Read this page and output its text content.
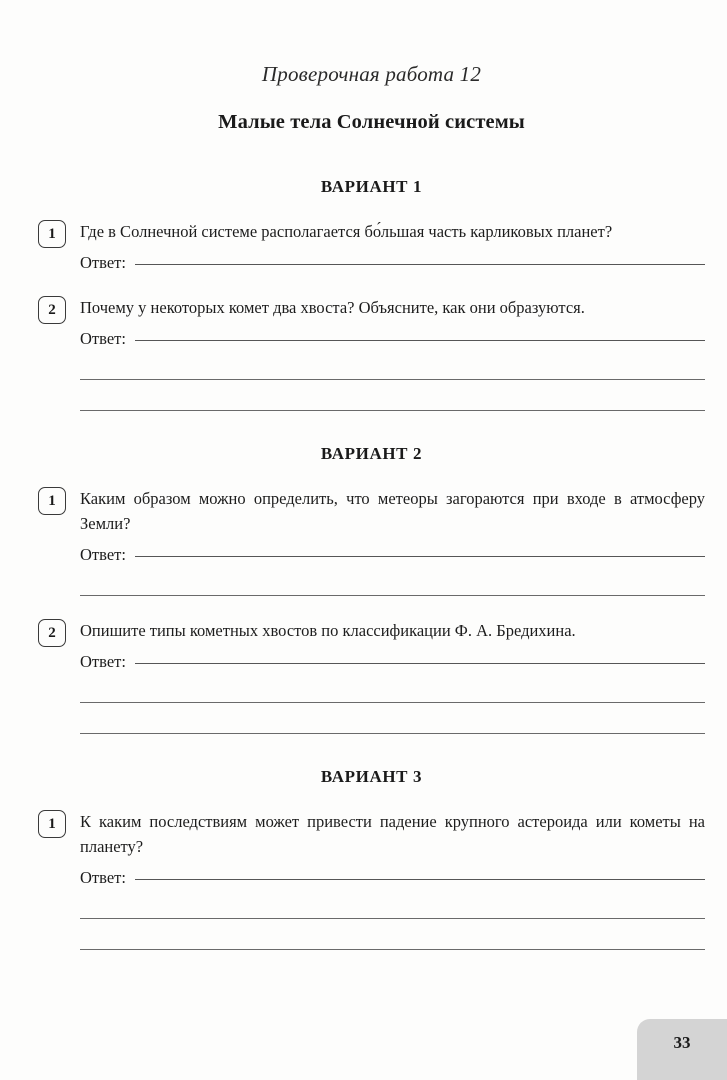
Проверочная работа 12
Малые тела Солнечной системы
ВАРИАНТ 1
1	Где в Солнечной системе располагается бо́льшая часть карликовых планет?

Ответ:
2	Почему у некоторых комет два хвоста? Объясните, как они образуются.

Ответ:
ВАРИАНТ 2
1	Каким образом можно определить, что метеоры загораются при входе в атмосферу Земли?

Ответ:
2	Опишите типы кометных хвостов по классификации Ф. А. Бредихина.

Ответ:
ВАРИАНТ 3
1	К каким последствиям может привести падение крупного астероида или кометы на планету?

Ответ:
33
